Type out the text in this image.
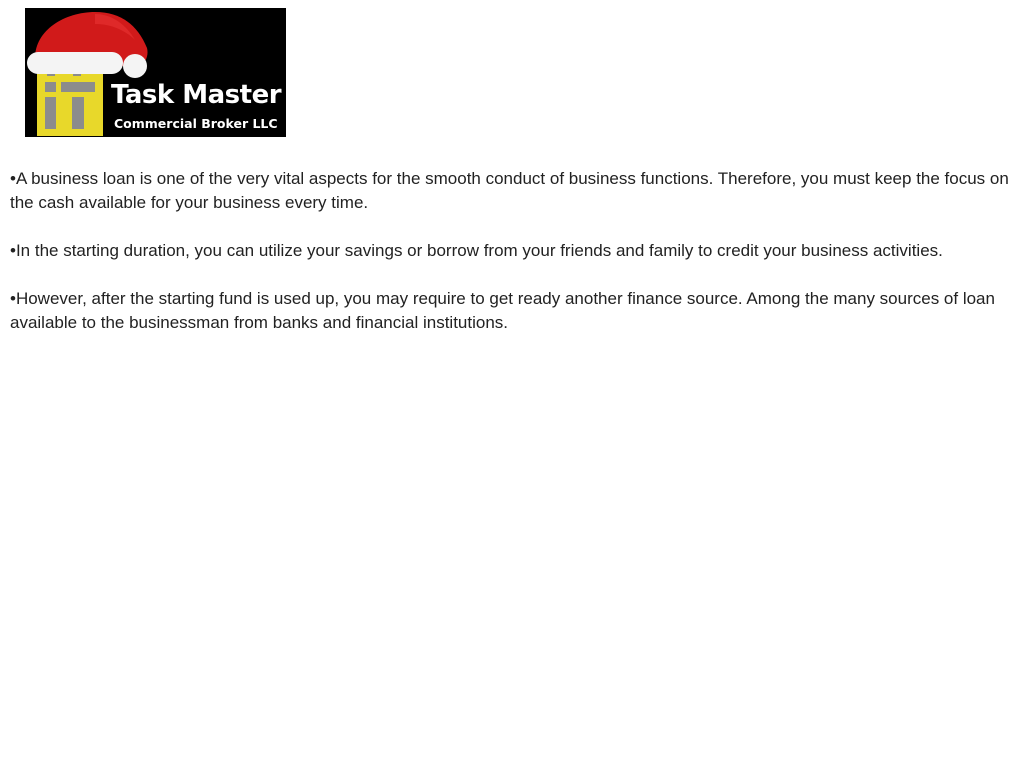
Task Master
Commercial Broker LLC

•A business loan is one of the very vital aspects for the smooth conduct of business functions. Therefore, you must keep the focus on the cash available for your business every time.

•In the starting duration, you can utilize your savings or borrow from your friends and family to credit your business activities.

•However, after the starting fund is used up, you may require to get ready another finance source. Among the many sources of loan available to the businessman from banks and financial institutions.
